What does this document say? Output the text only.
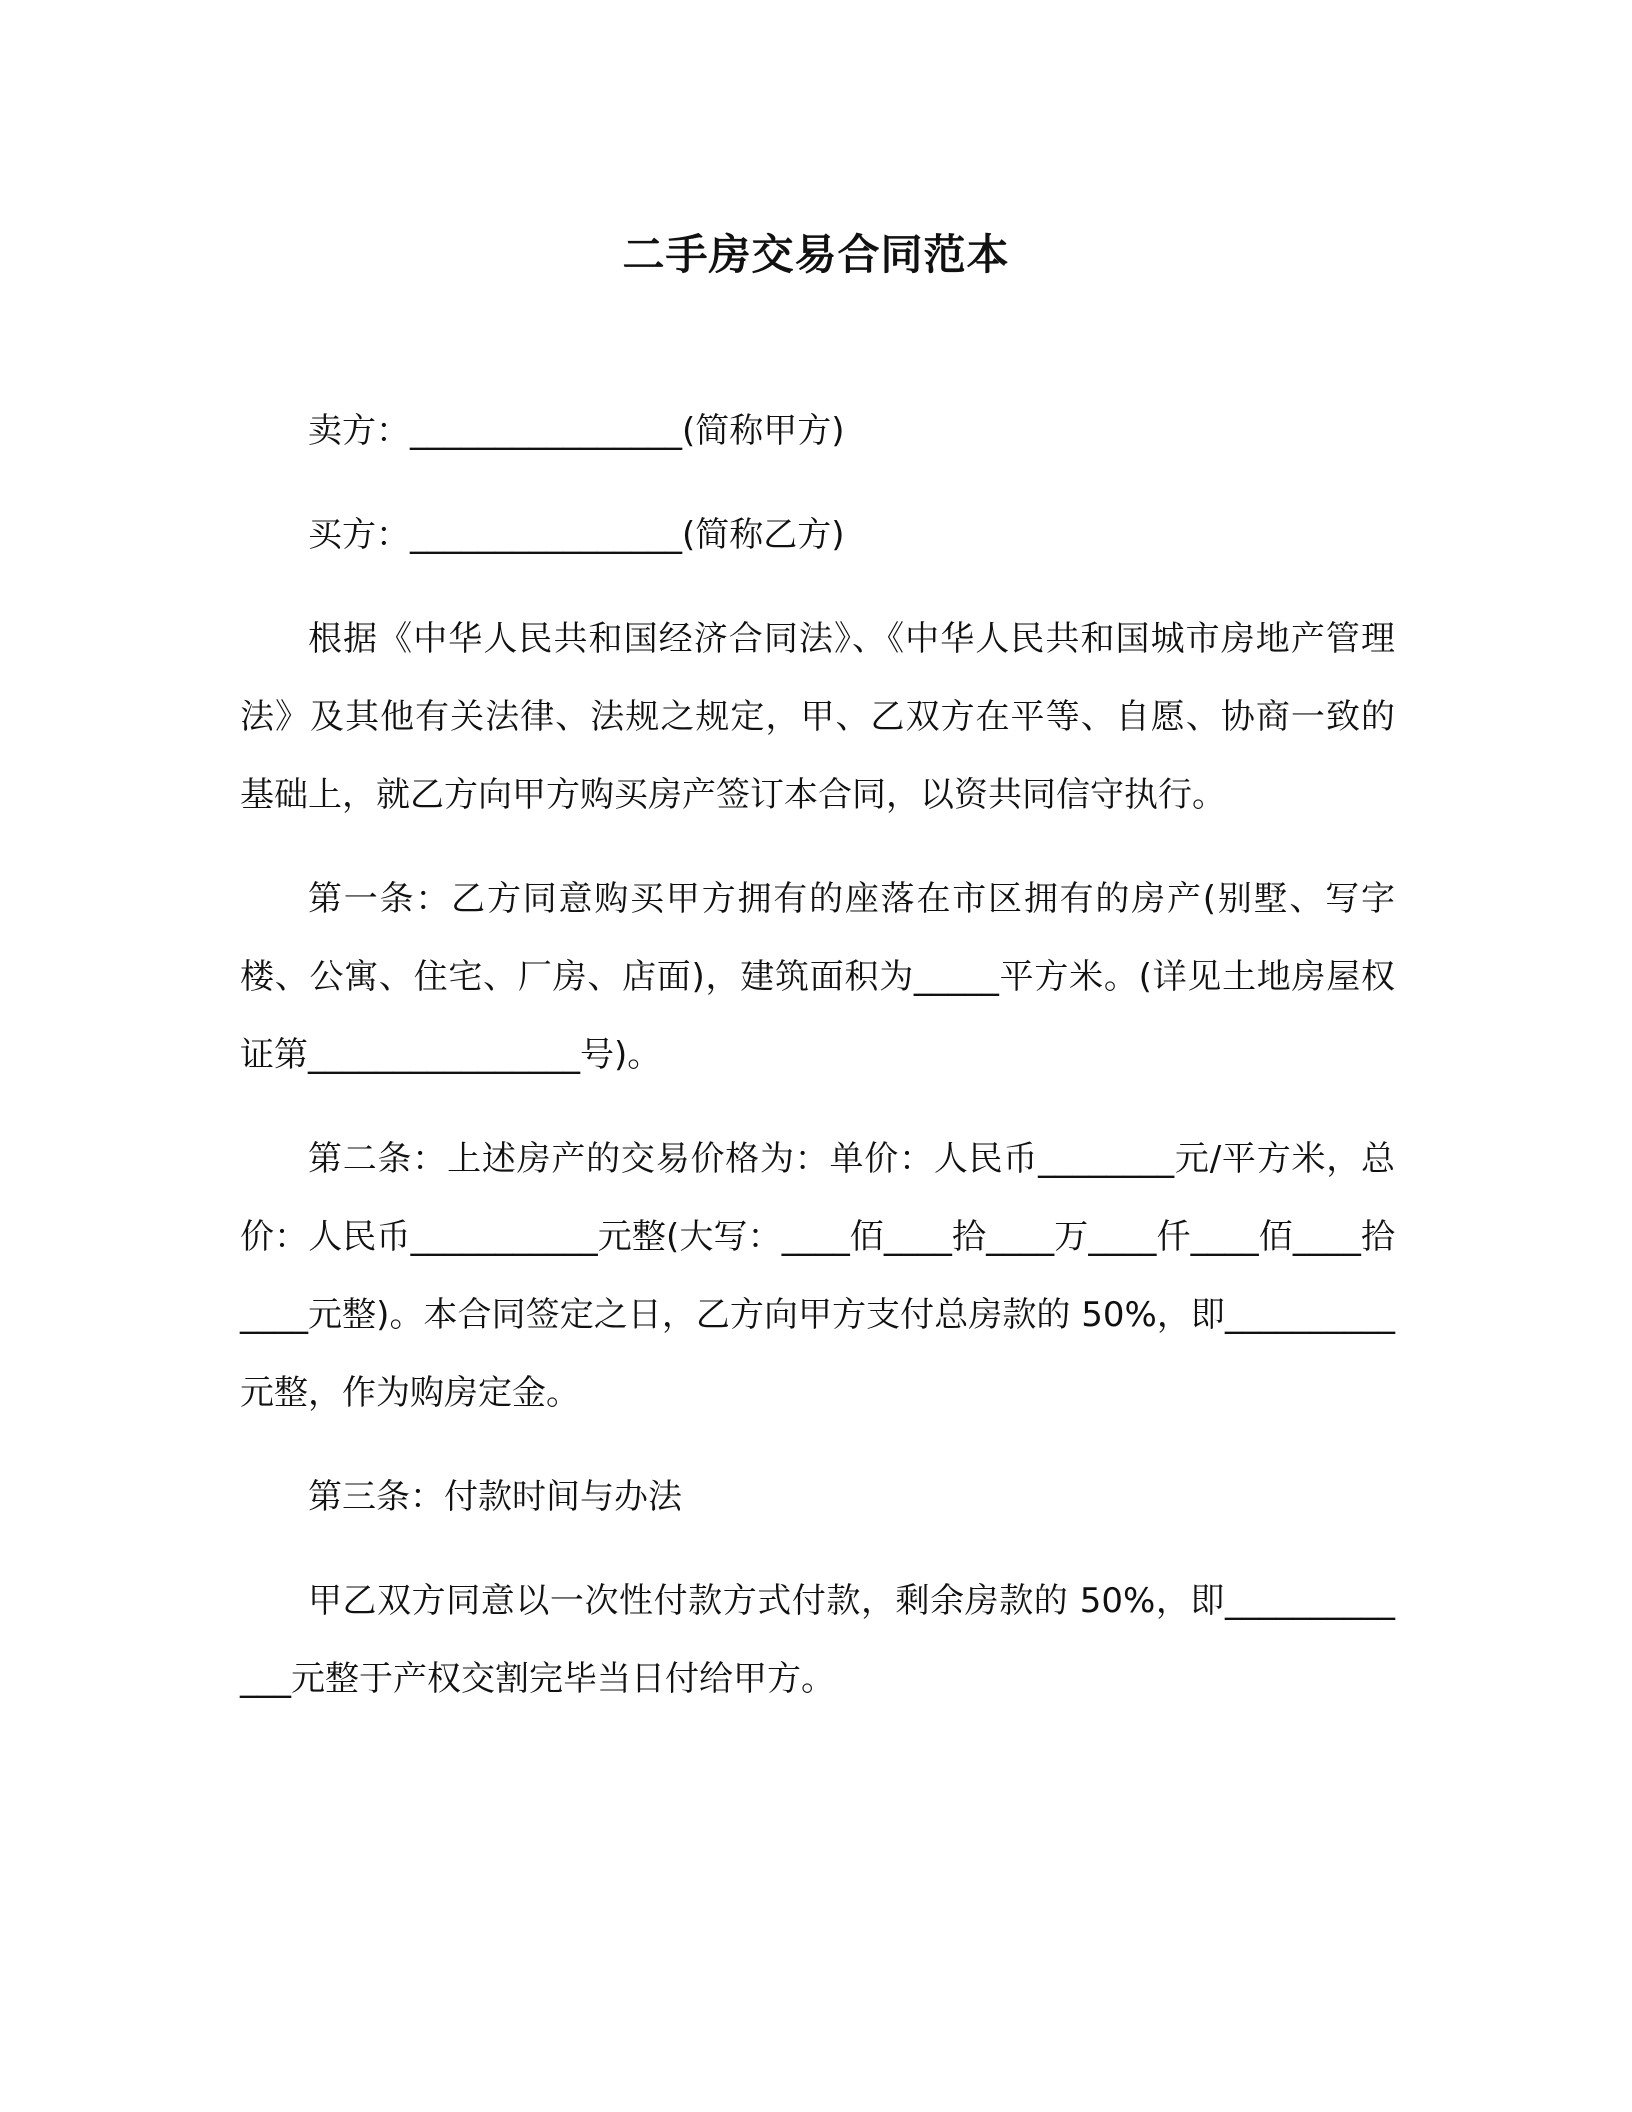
二手房交易合同范本

卖方：________________(简称甲方)

买方：________________(简称乙方)

根据《中华人民共和国经济合同法》、《中华人民共和国城市房地产管理法》及其他有关法律、法规之规定，甲、乙双方在平等、自愿、协商一致的基础上，就乙方向甲方购买房产签订本合同，以资共同信守执行。

第一条：乙方同意购买甲方拥有的座落在市区拥有的房产(别墅、写字楼、公寓、住宅、厂房、店面)，建筑面积为_____平方米。(详见土地房屋权证第________________号)。

第二条：上述房产的交易价格为：单价：人民币________元/平方米，总价：人民币___________元整(大写：____佰____拾____万____仟____佰____拾____元整)。本合同签定之日，乙方向甲方支付总房款的 50%，即__________元整，作为购房定金。

第三条：付款时间与办法

甲乙双方同意以一次性付款方式付款，剩余房款的 50%，即_____________元整于产权交割完毕当日付给甲方。
